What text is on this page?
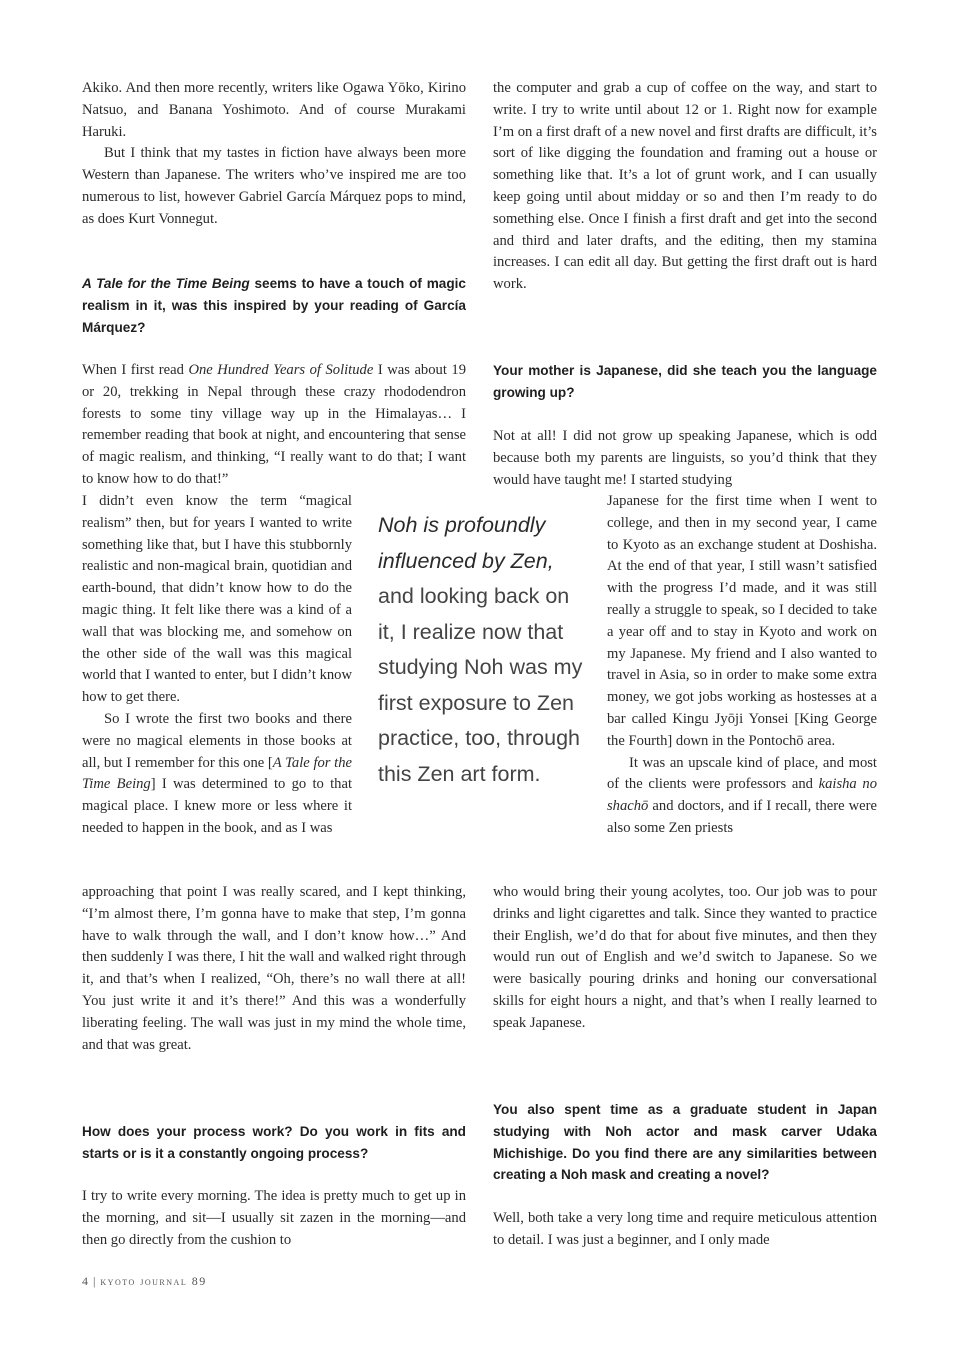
Akiko. And then more recently, writers like Ogawa Yōko, Kirino Natsuo, and Banana Yoshimoto. And of course Murakami Haruki.

But I think that my tastes in fiction have always been more Western than Japanese. The writers who’ve inspired me are too numerous to list, however Gabriel García Márquez pops to mind, as does Kurt Vonnegut.

A Tale for the Time Being seems to have a touch of magic realism in it, was this inspired by your reading of García Márquez?

When I first read One Hundred Years of Solitude I was about 19 or 20, trekking in Nepal through these crazy rhododendron forests to some tiny village way up in the Himalayas… I remember reading that book at night, and encountering that sense of magic realism, and thinking, “I really want to do that; I want to know how to do that!”

I didn’t even know the term “magical realism” then, but for years I wanted to write something like that, but I have this stubbornly realistic and non-magical brain, quotidian and earth-bound, that didn’t know how to do the magic thing. It felt like there was a kind of a wall that was blocking me, and somehow on the other side of the wall was this magical world that I wanted to enter, but I didn’t know how to get there.

So I wrote the first two books and there were no magical elements in those books at all, but I remember for this one [A Tale for the Time Being] I was determined to go to that magical place. I knew more or less where it needed to happen in the book, and as I was

approaching that point I was really scared, and I kept thinking, “I’m almost there, I’m gonna have to make that step, I’m gonna have to walk through the wall, and I don’t know how…” And then suddenly I was there, I hit the wall and walked right through it, and that’s when I realized, “Oh, there’s no wall there at all! You just write it and it’s there!” And this was a wonderfully liberating feeling. The wall was just in my mind the whole time, and that was great.

How does your process work? Do you work in fits and starts or is it a constantly ongoing process?

I try to write every morning. The idea is pretty much to get up in the morning, and sit—I usually sit zazen in the morning—and then go directly from the cushion to

Noh is profoundly influenced by Zen, and looking back on it, I realize now that studying Noh was my first exposure to Zen practice, too, through this Zen art form.

the computer and grab a cup of coffee on the way, and start to write. I try to write until about 12 or 1. Right now for example I’m on a first draft of a new novel and first drafts are difficult, it’s sort of like digging the foundation and framing out a house or something like that. It’s a lot of grunt work, and I can usually keep going until about midday or so and then I’m ready to do something else. Once I finish a first draft and get into the second and third and later drafts, and the editing, then my stamina increases. I can edit all day. But getting the first draft out is hard work.

Your mother is Japanese, did she teach you the language growing up?

Not at all! I did not grow up speaking Japanese, which is odd because both my parents are linguists, so you’d think that they would have taught me! I started studying

Japanese for the first time when I went to college, and then in my second year, I came to Kyoto as an exchange student at Doshisha. At the end of that year, I still wasn’t satisfied with the progress I’d made, and it was still really a struggle to speak, so I decided to take a year off and to stay in Kyoto and work on my Japanese. My friend and I also wanted to travel in Asia, so in order to make some extra money, we got jobs working as hostesses at a bar called Kingu Jyōji Yonsei [King George the Fourth] down in the Pontochō area.

It was an upscale kind of place, and most of the clients were professors and kaisha no shachō and doctors, and if I recall, there were also some Zen priests

who would bring their young acolytes, too. Our job was to pour drinks and light cigarettes and talk. Since they wanted to practice their English, we’d do that for about five minutes, and then they would run out of English and we’d switch to Japanese. So we were basically pouring drinks and honing our conversational skills for eight hours a night, and that’s when I really learned to speak Japanese.

You also spent time as a graduate student in Japan studying with Noh actor and mask carver Udaka Michishige. Do you find there are any similarities between creating a Noh mask and creating a novel?

Well, both take a very long time and require meticulous attention to detail. I was just a beginner, and I only made

4 | kyoto journal 89
